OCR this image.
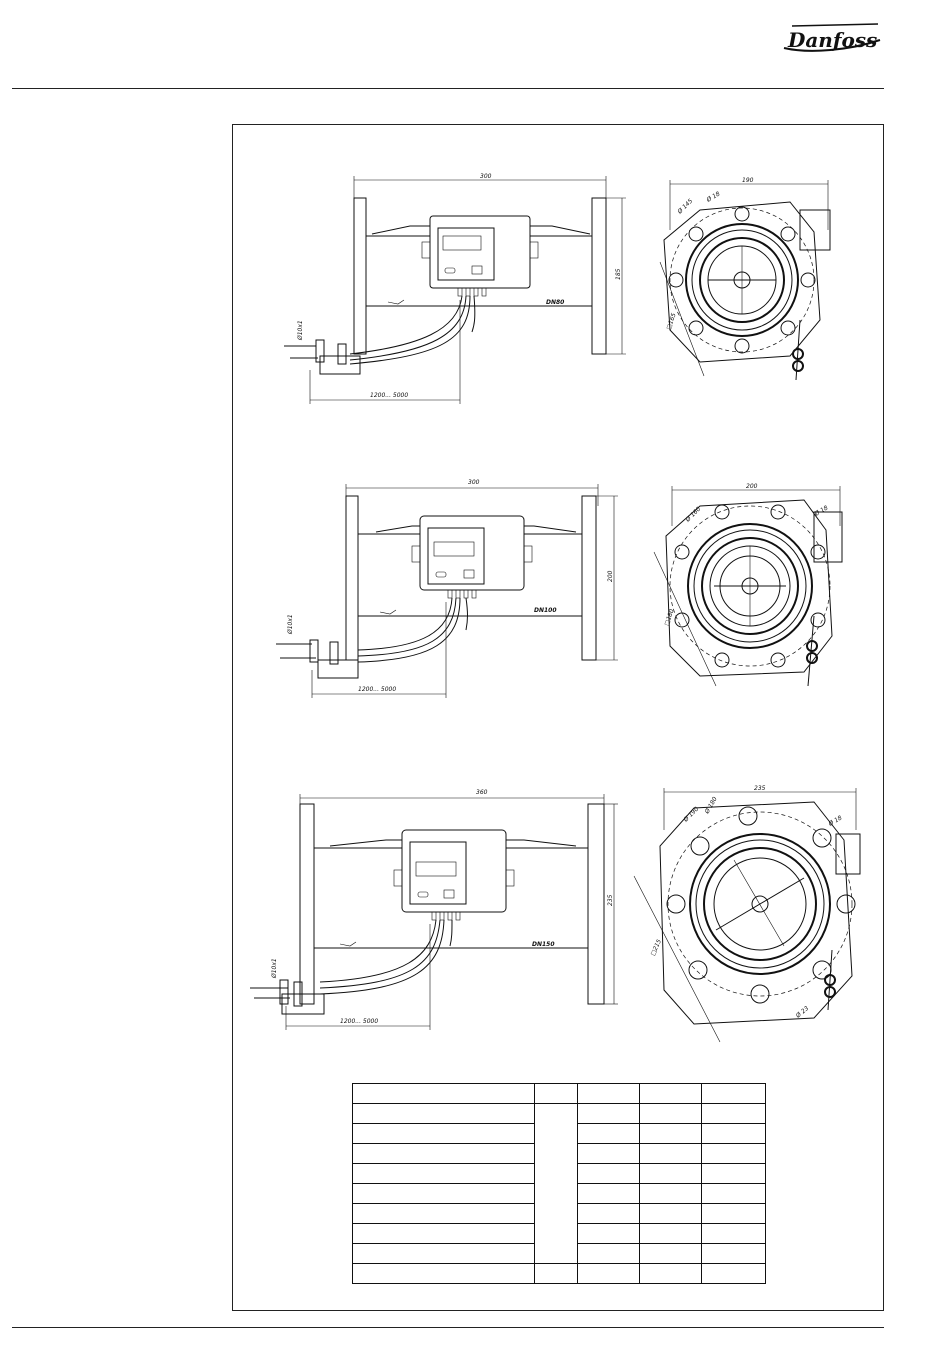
Danfoss
300
DN80
Ø10x1
1200... 5000
185
190
Ø 145
Ø 18
□165
300
DN100
Ø10x1
1200... 5000
200
200
Ø 160	Ø 18
□180
360
DN150
Ø10x1
1200... 5000
235
235
Ø 190 Ø 180
Ø 18
Ø 23
□215
